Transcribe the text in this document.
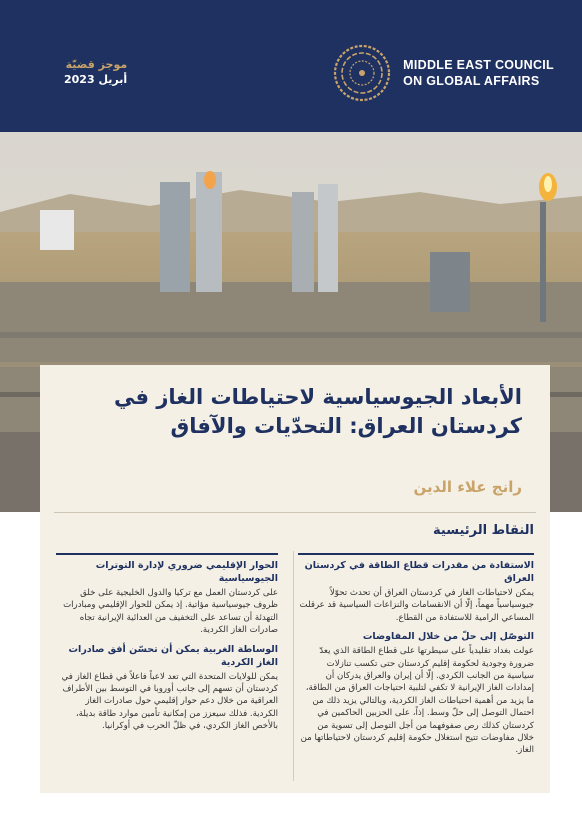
موجز قضيّة
أبريل 2023
MIDDLE EAST COUNCIL
ON GLOBAL AFFAIRS
الأبعاد الجيوسياسية لاحتياطات الغاز في كردستان العراق: التحدّيات والآفاق

رانج علاء الدين

النقاط الرئيسية

الاستفادة من مقدرات قطاع الطاقة في كردستان العراق

يمكن لاحتياطات الغاز في كردستان العراق أن تحدث تحوّلاً جيوسياسياً مهماً، إلّا أن الانقسامات والنزاعات السياسية قد عرقلت المساعي الرامية للاستفادة من القطاع.

التوصّل إلى حلّ من خلال المفاوضات

عولت بغداد تقليدياً على سيطرتها على قطاع الطاقة الذي يعدّ ضرورة وجودية لحكومة إقليم كردستان حتى تكسب تنازلات سياسية من الجانب الكردي. إلّا أن إيران والعراق يدركان أن إمدادات الغاز الإيرانية لا تكفي لتلبية احتياجات العراق من الطاقة، ما يزيد من أهمية احتياطات الغاز الكردية، وبالتالي يزيد ذلك من احتمال التوصل إلى حلّ وسط. إذاً، على الحزبين الحاكمين في كردستان كذلك رص صفوفهما من أجل التوصل إلى تسوية من خلال مفاوضات تتيح استغلال حكومة إقليم كردستان لاحتياطاتها من الغاز.

الحوار الإقليمي ضروري لإدارة التوترات الجيوسياسية

على كردستان العمل مع تركيا والدول الخليجية على خلق ظروف جيوسياسية مؤاتية. إذ يمكن للحوار الإقليمي ومبادرات التهدئة أن تساعد على التخفيف من العدائية الإيرانية تجاه صادرات الغاز الكردية.

الوساطة الغربية يمكن أن تحسّن أفق صادرات الغاز الكردية

يمكن للولايات المتحدة التي تعد لاعباً فاعلاً في قطاع الغاز في كردستان أن تسهم إلى جانب أوروبا في التوسط بين الأطراف العراقية من خلال دعم حوار إقليمي حول صادرات الغاز الكردية. فذلك سيعزز من إمكانية تأمين موارد طاقة بديلة، بالأخص الغاز الكردي، في ظلّ الحرب في أوكرانيا.
